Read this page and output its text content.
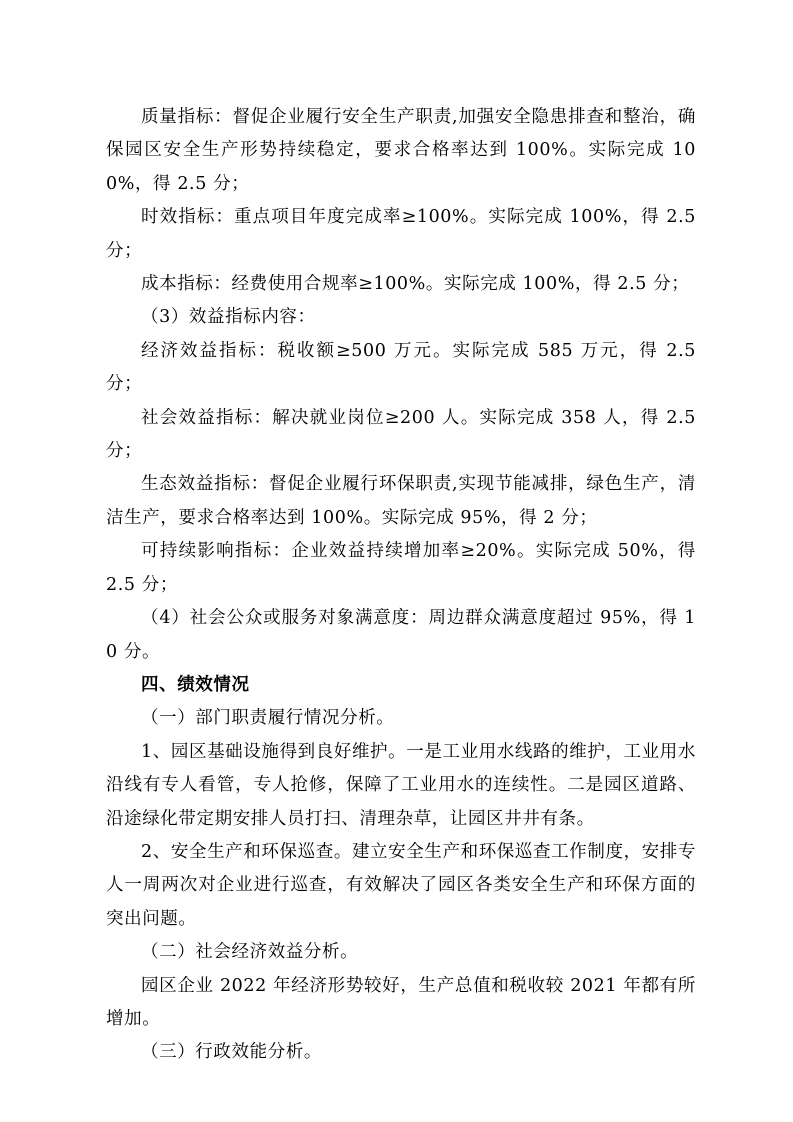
质量指标：督促企业履行安全生产职责,加强安全隐患排查和整治，确保园区安全生产形势持续稳定，要求合格率达到 100%。实际完成 100%，得 2.5 分；

时效指标：重点项目年度完成率≥100%。实际完成 100%，得 2.5 分；

成本指标：经费使用合规率≥100%。实际完成 100%，得 2.5 分；

（3）效益指标内容：

经济效益指标：税收额≥500 万元。实际完成 585 万元，得 2.5 分；

社会效益指标：解决就业岗位≥200 人。实际完成 358 人，得 2.5 分；

生态效益指标：督促企业履行环保职责,实现节能减排，绿色生产，清洁生产，要求合格率达到 100%。实际完成 95%，得 2 分；

可持续影响指标：企业效益持续增加率≥20%。实际完成 50%，得 2.5 分；

（4）社会公众或服务对象满意度：周边群众满意度超过 95%，得 10 分。

四、绩效情况

（一）部门职责履行情况分析。

1、园区基础设施得到良好维护。一是工业用水线路的维护，工业用水沿线有专人看管，专人抢修，保障了工业用水的连续性。二是园区道路、沿途绿化带定期安排人员打扫、清理杂草，让园区井井有条。

2、安全生产和环保巡查。建立安全生产和环保巡查工作制度，安排专人一周两次对企业进行巡查，有效解决了园区各类安全生产和环保方面的突出问题。

（二）社会经济效益分析。

园区企业 2022 年经济形势较好，生产总值和税收较 2021 年都有所增加。

（三）行政效能分析。
